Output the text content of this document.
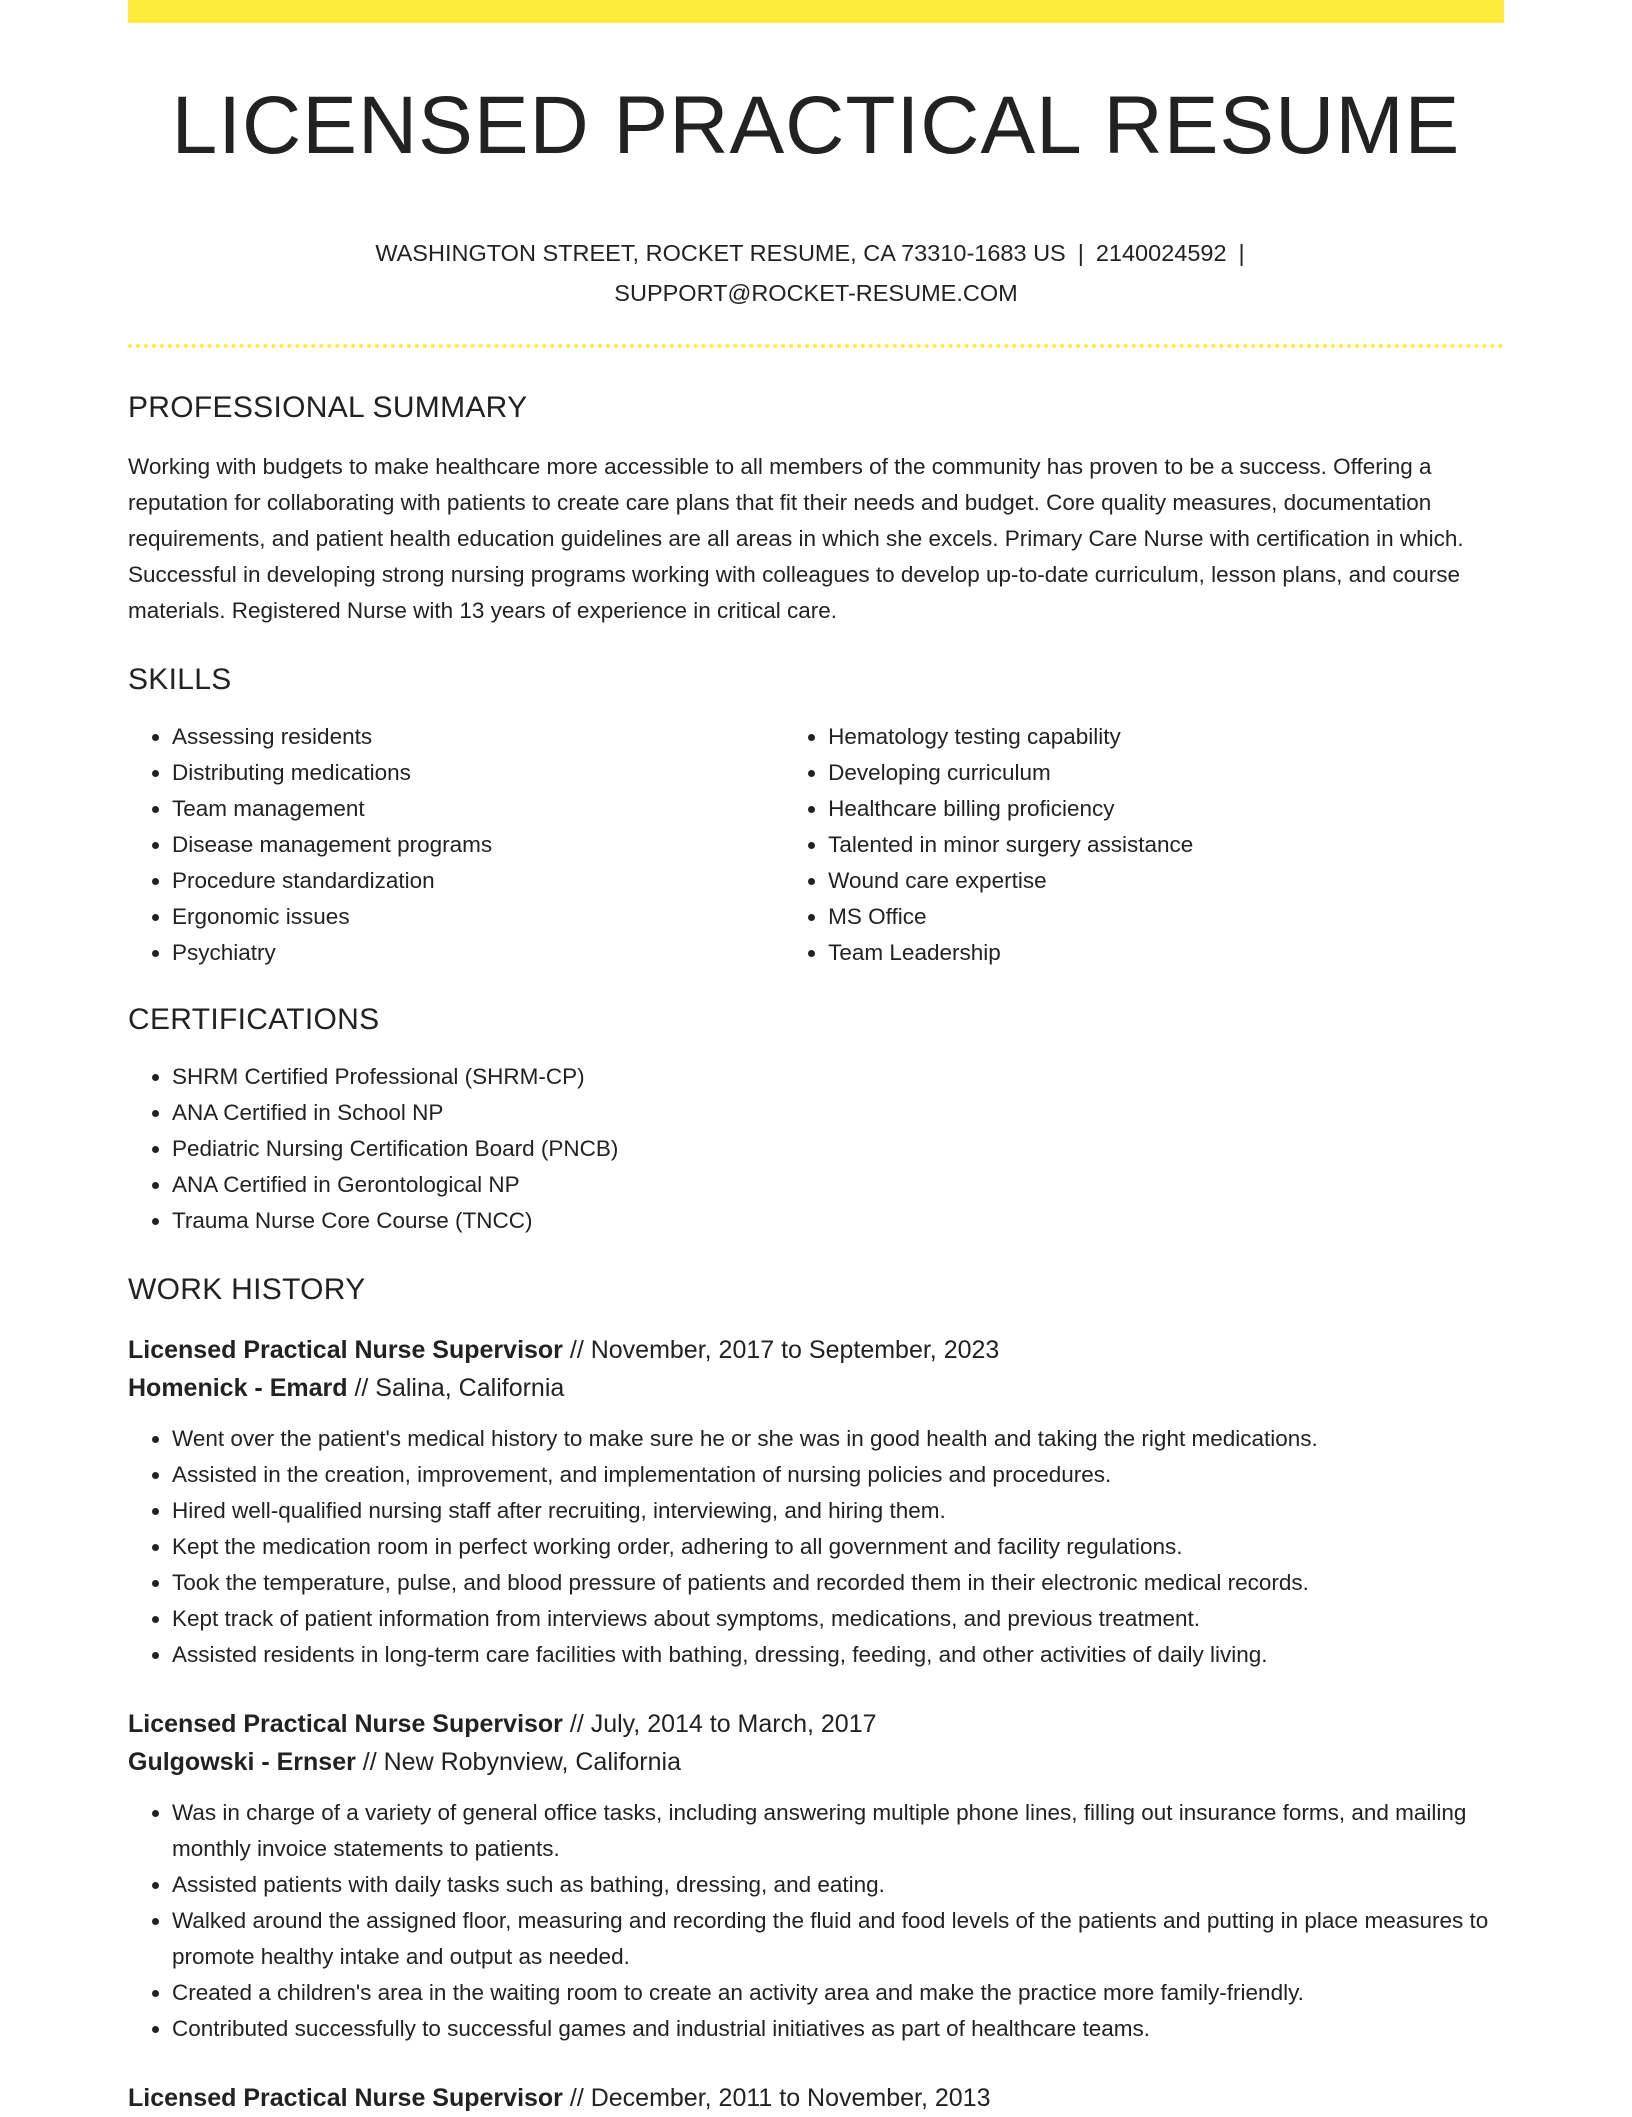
LICENSED PRACTICAL RESUME
WASHINGTON STREET, ROCKET RESUME, CA 73310-1683 US | 2140024592 |
SUPPORT@ROCKET-RESUME.COM
PROFESSIONAL SUMMARY
Working with budgets to make healthcare more accessible to all members of the community has proven to be a success. Offering a reputation for collaborating with patients to create care plans that fit their needs and budget. Core quality measures, documentation requirements, and patient health education guidelines are all areas in which she excels. Primary Care Nurse with certification in which. Successful in developing strong nursing programs working with colleagues to develop up-to-date curriculum, lesson plans, and course materials. Registered Nurse with 13 years of experience in critical care.
SKILLS
• Assessing residents
• Distributing medications
• Team management
• Disease management programs
• Procedure standardization
• Ergonomic issues
• Psychiatry
• Hematology testing capability
• Developing curriculum
• Healthcare billing proficiency
• Talented in minor surgery assistance
• Wound care expertise
• MS Office
• Team Leadership
CERTIFICATIONS
• SHRM Certified Professional (SHRM-CP)
• ANA Certified in School NP
• Pediatric Nursing Certification Board (PNCB)
• ANA Certified in Gerontological NP
• Trauma Nurse Core Course (TNCC)
WORK HISTORY
Licensed Practical Nurse Supervisor // November, 2017 to September, 2023
Homenick - Emard // Salina, California
• Went over the patient's medical history to make sure he or she was in good health and taking the right medications.
• Assisted in the creation, improvement, and implementation of nursing policies and procedures.
• Hired well-qualified nursing staff after recruiting, interviewing, and hiring them.
• Kept the medication room in perfect working order, adhering to all government and facility regulations.
• Took the temperature, pulse, and blood pressure of patients and recorded them in their electronic medical records.
• Kept track of patient information from interviews about symptoms, medications, and previous treatment.
• Assisted residents in long-term care facilities with bathing, dressing, feeding, and other activities of daily living.
Licensed Practical Nurse Supervisor // July, 2014 to March, 2017
Gulgowski - Ernser // New Robynview, California
• Was in charge of a variety of general office tasks, including answering multiple phone lines, filling out insurance forms, and mailing monthly invoice statements to patients.
• Assisted patients with daily tasks such as bathing, dressing, and eating.
• Walked around the assigned floor, measuring and recording the fluid and food levels of the patients and putting in place measures to promote healthy intake and output as needed.
• Created a children's area in the waiting room to create an activity area and make the practice more family-friendly.
• Contributed successfully to successful games and industrial initiatives as part of healthcare teams.
Licensed Practical Nurse Supervisor // December, 2011 to November, 2013
